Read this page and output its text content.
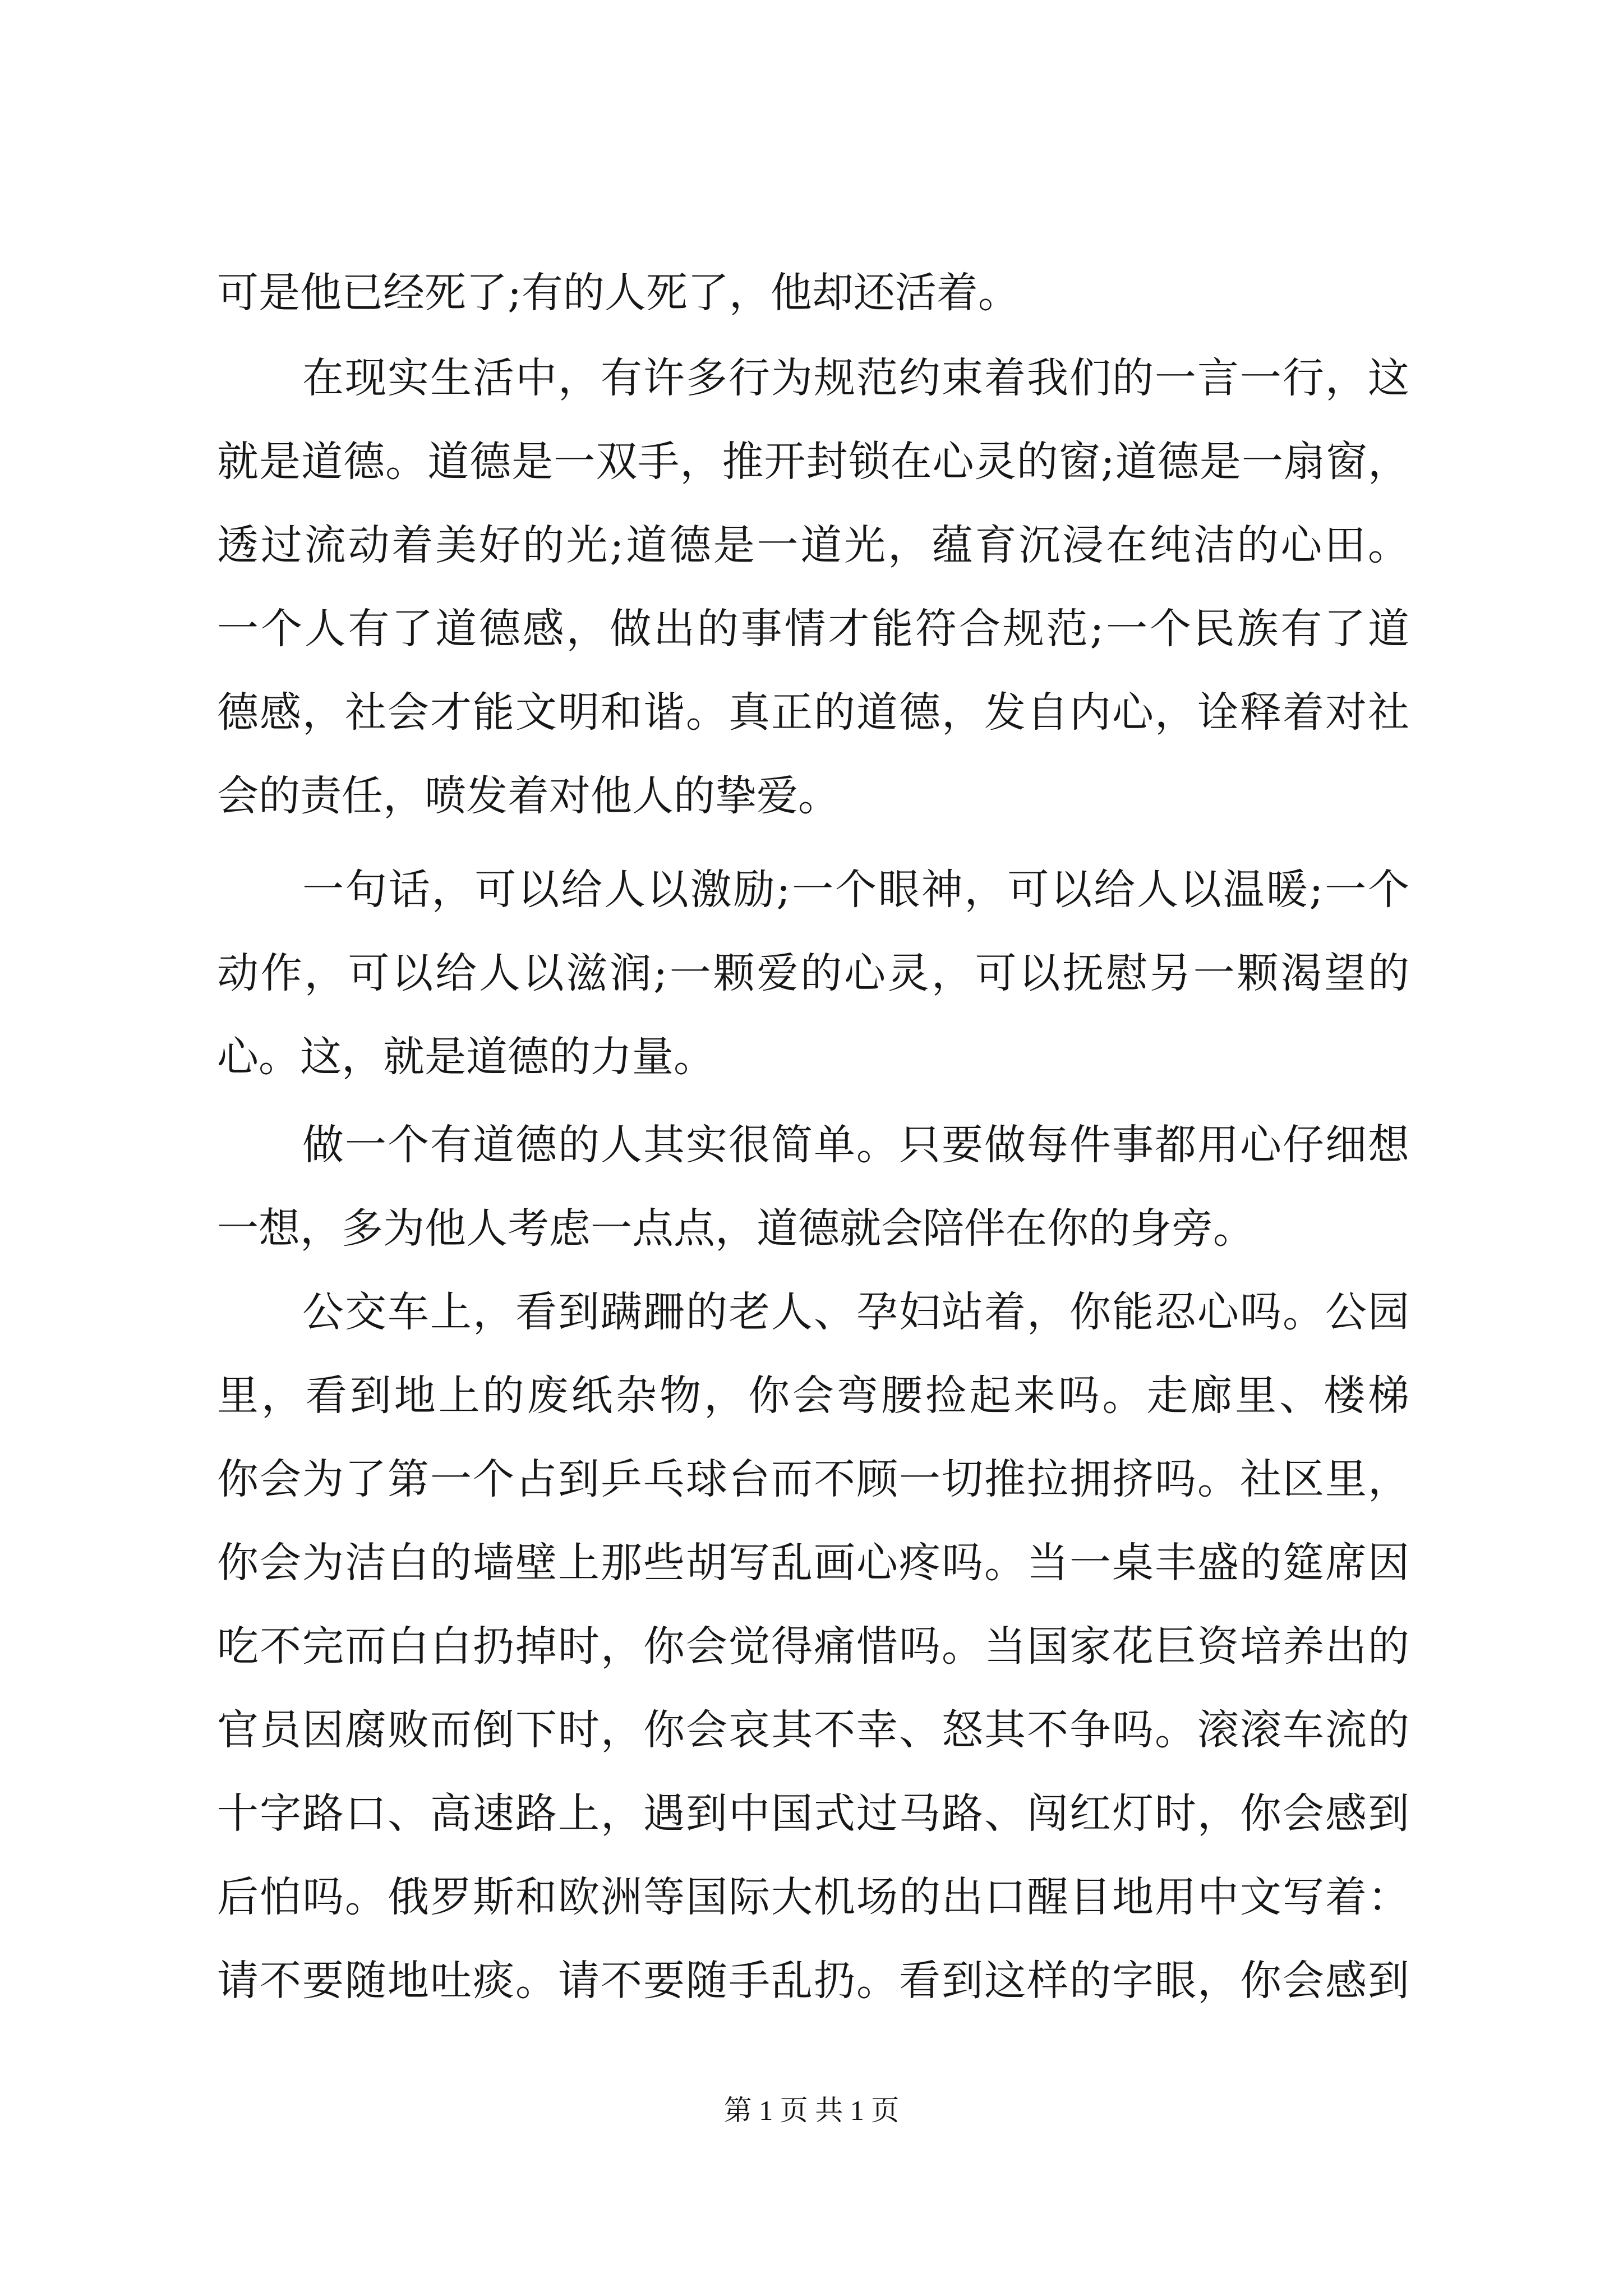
可是他已经死了;有的人死了，他却还活着。
在现实生活中，有许多行为规范约束着我们的一言一行，这
就是道德。道德是一双手，推开封锁在心灵的窗;道德是一扇窗，
透过流动着美好的光;道德是一道光，蕴育沉浸在纯洁的心田。
一个人有了道德感，做出的事情才能符合规范;一个民族有了道
德感，社会才能文明和谐。真正的道德，发自内心，诠释着对社
会的责任，喷发着对他人的挚爱。
一句话，可以给人以激励;一个眼神，可以给人以温暖;一个
动作，可以给人以滋润;一颗爱的心灵，可以抚慰另一颗渴望的
心。这，就是道德的力量。
做一个有道德的人其实很简单。只要做每件事都用心仔细想
一想，多为他人考虑一点点，道德就会陪伴在你的身旁。
公交车上，看到蹒跚的老人、孕妇站着，你能忍心吗。公园
里，看到地上的废纸杂物，你会弯腰捡起来吗。走廊里、楼梯
你会为了第一个占到乒乓球台而不顾一切推拉拥挤吗。社区里，
你会为洁白的墙壁上那些胡写乱画心疼吗。当一桌丰盛的筵席因
吃不完而白白扔掉时，你会觉得痛惜吗。当国家花巨资培养出的
官员因腐败而倒下时，你会哀其不幸、怒其不争吗。滚滚车流的
十字路口、高速路上，遇到中国式过马路、闯红灯时，你会感到
后怕吗。俄罗斯和欧洲等国际大机场的出口醒目地用中文写着：
请不要随地吐痰。请不要随手乱扔。看到这样的字眼，你会感到
第 1 页 共 1 页
